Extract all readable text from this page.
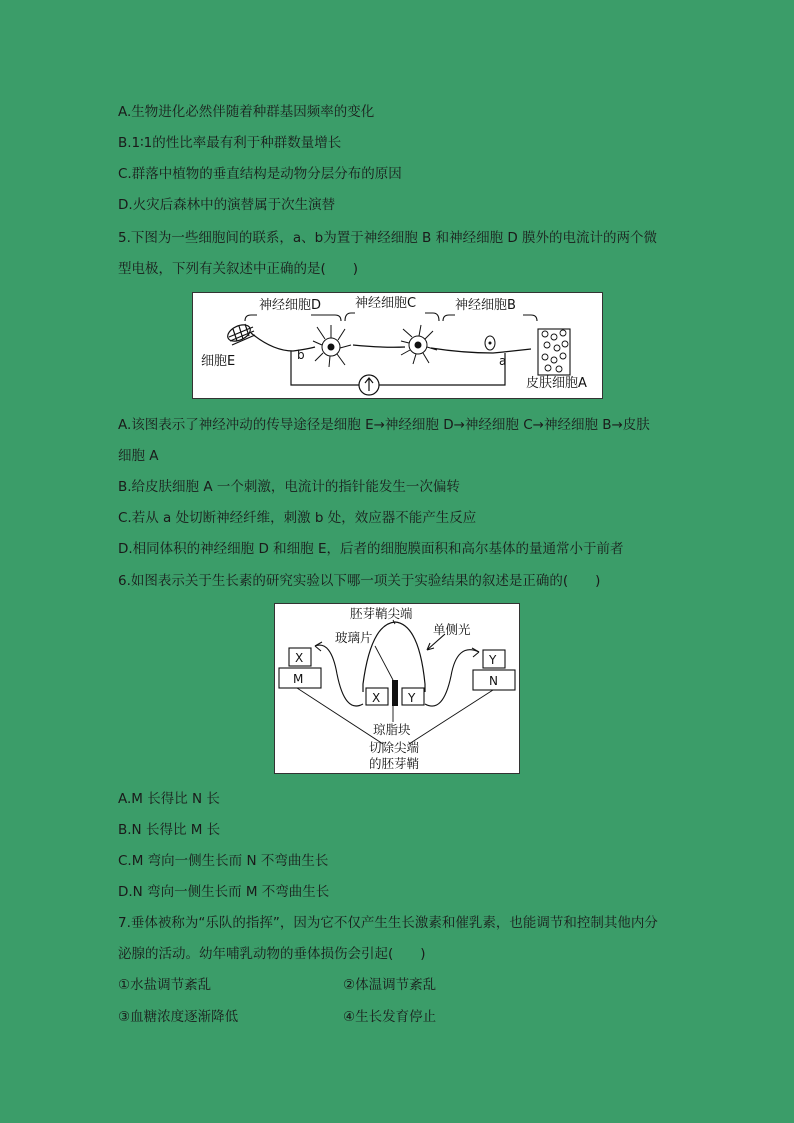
A.生物进化必然伴随着种群基因频率的变化
B.1∶1的性比率最有利于种群数量增长
C.群落中植物的垂直结构是动物分层分布的原因
D.火灾后森林中的演替属于次生演替
5.下图为一些细胞间的联系，a、b为置于神经细胞 B 和神经细胞 D 膜外的电流计的两个微
型电极，下列有关叙述中正确的是(　　)
神经细胞D	神经细胞C	神经细胞B
细胞E
皮肤细胞A
b	a
A.该图表示了神经冲动的传导途径是细胞 E→神经细胞 D→神经细胞 C→神经细胞 B→皮肤
细胞 A
B.给皮肤细胞 A 一个刺激，电流计的指针能发生一次偏转
C.若从 a 处切断神经纤维，刺激 b 处，效应器不能产生反应
D.相同体积的神经细胞 D 和细胞 E，后者的细胞膜面积和高尔基体的量通常小于前者
6.如图表示关于生长素的研究实验以下哪一项关于实验结果的叙述是正确的(　　)
X Y
X
M
Y
N
胚芽鞘尖端
单侧光
玻璃片
琼脂块
切除尖端
的胚芽鞘
A.M 长得比 N 长
B.N 长得比 M 长
C.M 弯向一侧生长而 N 不弯曲生长
D.N 弯向一侧生长而 M 不弯曲生长
7.垂体被称为“乐队的指挥”，因为它不仅产生生长激素和催乳素，也能调节和控制其他内分
泌腺的活动。幼年哺乳动物的垂体损伤会引起(　　)
①水盐调节紊乱	②体温调节紊乱
③血糖浓度逐渐降低	④生长发育停止
